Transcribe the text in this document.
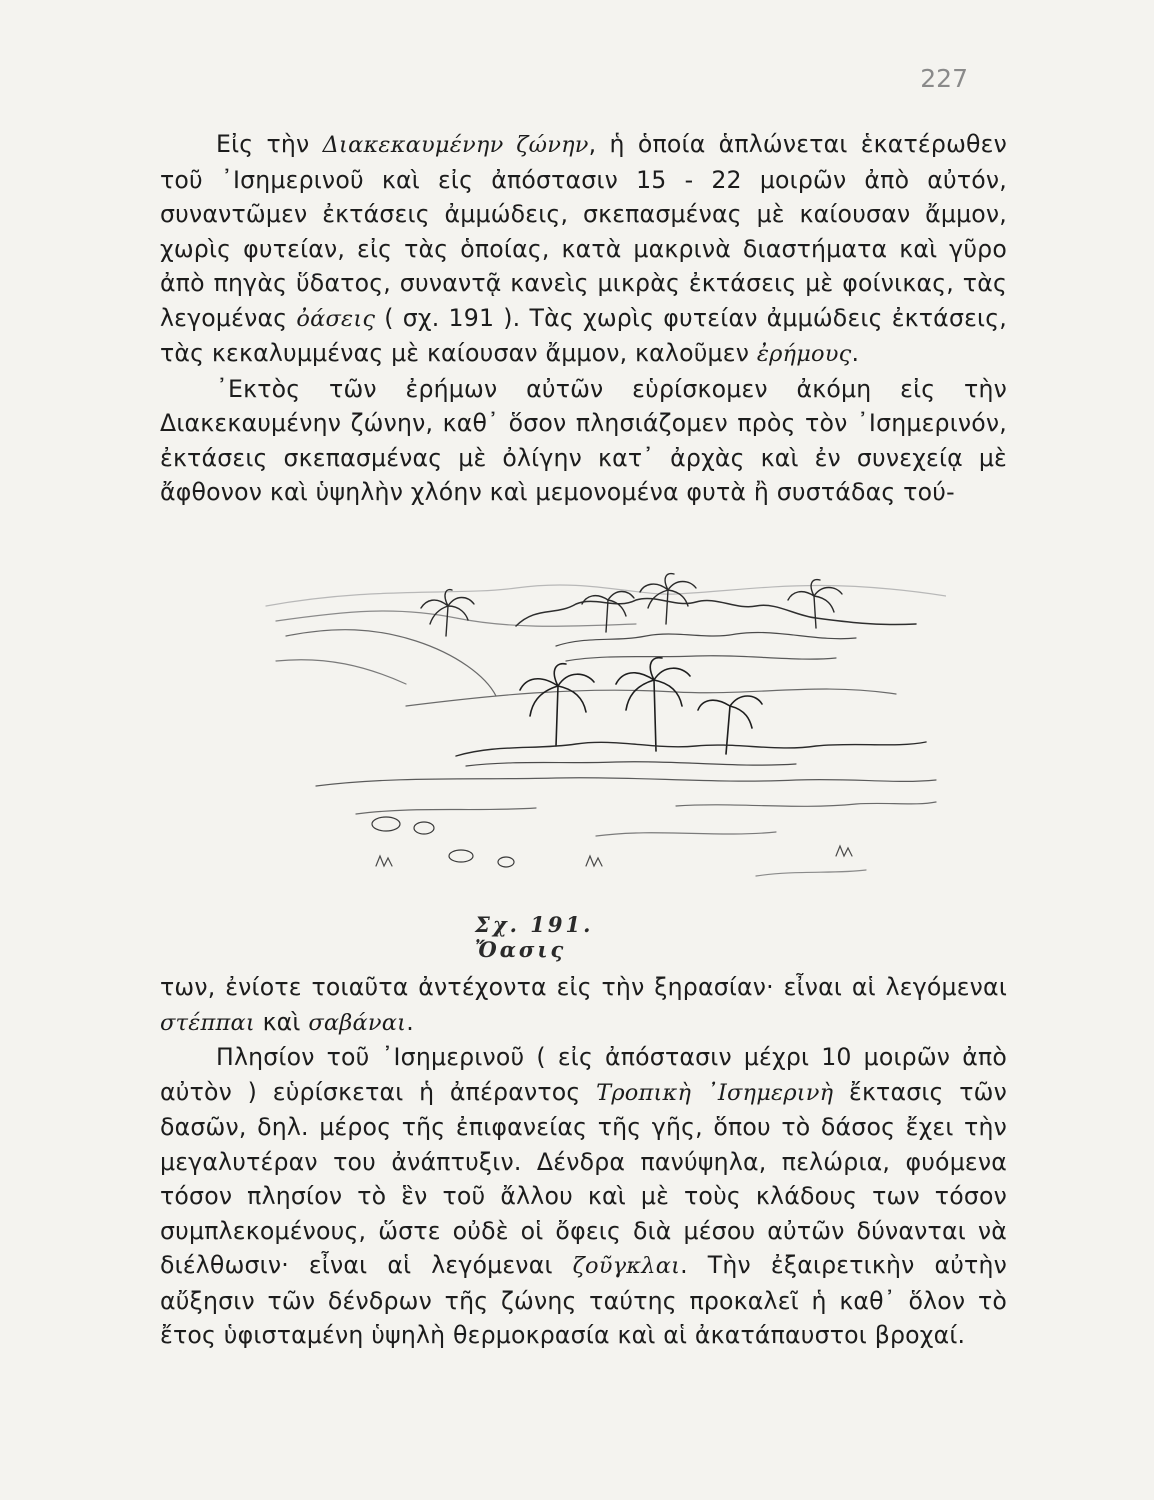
227

Εἰς τὴν Διακεκαυμένην ζώνην, ἡ ὁποία ἁπλώνεται ἑκατέρωθεν τοῦ ᾿Ισημερινοῦ καὶ εἰς ἀπόστασιν 15 - 22 μοιρῶν ἀπὸ αὐτόν, συναντῶμεν ἐκτάσεις ἀμμώδεις, σκεπασμένας μὲ καίουσαν ἄμμον, χωρὶς φυτείαν, εἰς τὰς ὁποίας, κατὰ μακρινὰ διαστήματα καὶ γῦρο ἀπὸ πηγὰς ὕδατος, συναντᾷ κανεὶς μικρὰς ἐκτάσεις μὲ φοίνικας, τὰς λεγομένας ὀάσεις ( σχ. 191 ). Τὰς χωρὶς φυτείαν ἀμμώδεις ἐκτάσεις, τὰς κεκαλυμμένας μὲ καίουσαν ἄμμον, καλοῦμεν ἐρήμους.

᾿Εκτὸς τῶν ἐρήμων αὐτῶν εὑρίσκομεν ἀκόμη εἰς τὴν Διακεκαυμένην ζώνην, καθ᾿ ὅσον πλησιάζομεν πρὸς τὸν ᾿Ισημερινόν, ἐκτάσεις σκεπασμένας μὲ ὀλίγην κατ᾿ ἀρχὰς καὶ ἐν συνεχείᾳ μὲ ἄφθονον καὶ ὑψηλὴν χλόην καὶ μεμονομένα φυτὰ ἢ συστάδας τού-

Σχ. 191. Ὄασις

των, ἐνίοτε τοιαῦτα ἀντέχοντα εἰς τὴν ξηρασίαν· εἶναι αἱ λεγόμεναι στέππαι καὶ σαβάναι.

Πλησίον τοῦ ᾿Ισημερινοῦ ( εἰς ἀπόστασιν μέχρι 10 μοιρῶν ἀπὸ αὐτὸν ) εὑρίσκεται ἡ ἀπέραντος Τροπικὴ ᾿Ισημερινὴ ἔκτασις τῶν δασῶν, δηλ. μέρος τῆς ἐπιφανείας τῆς γῆς, ὅπου τὸ δάσος ἔχει τὴν μεγαλυτέραν του ἀνάπτυξιν. Δένδρα πανύψηλα, πελώρια, φυόμενα τόσον πλησίον τὸ ἓν τοῦ ἄλλου καὶ μὲ τοὺς κλάδους των τόσον συμπλεκομένους, ὥστε οὐδὲ οἱ ὄφεις διὰ μέσου αὐτῶν δύνανται νὰ διέλθωσιν· εἶναι αἱ λεγόμεναι ζοῦγκλαι. Τὴν ἐξαιρετικὴν αὐτὴν αὔξησιν τῶν δένδρων τῆς ζώνης ταύτης προκαλεῖ ἡ καθ᾿ ὅλον τὸ ἔτος ὑφισταμένη ὑψηλὴ θερμοκρασία καὶ αἱ ἀκατάπαυστοι βροχαί.
